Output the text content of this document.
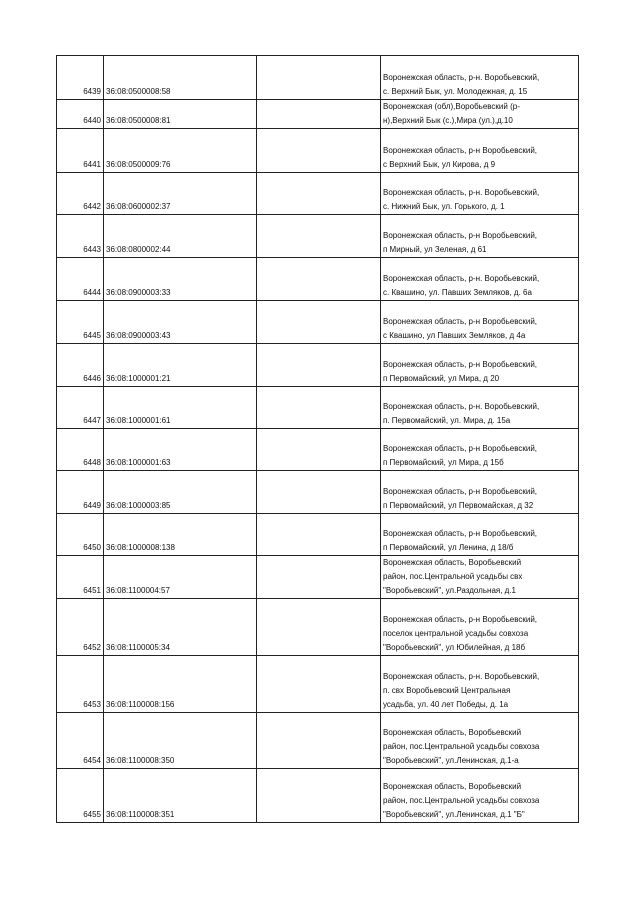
6439	36:08:0500008:58		Воронежская область, р-н. Воробьевский,
с. Верхний Бык, ул. Молодежная, д. 15

6440	36:08:0500008:81		Воронежская (обл),Воробьевский (р-
н),Верхний Бык (с.),Мира (ул.),д.10

6441	36:08:0500009:76		Воронежская область, р-н Воробьевский,
с Верхний Бык, ул Кирова, д 9

6442	36:08:0600002:37		Воронежская область, р-н. Воробьевский,
с. Нижний Бык, ул. Горького, д. 1

6443	36:08:0800002:44		Воронежская область, р-н Воробьевский,
п Мирный, ул Зеленая, д 61

6444	36:08:0900003:33		Воронежская область, р-н. Воробьевский,
с. Квашино, ул. Павших Земляков, д. 6а

6445	36:08:0900003:43		Воронежская область, р-н Воробьевский,
с Квашино, ул Павших Земляков, д 4а

6446	36:08:1000001:21		Воронежская область, р-н Воробьевский,
п Первомайский, ул Мира, д 20

6447	36:08:1000001:61		Воронежская область, р-н. Воробьевский,
п. Первомайский, ул. Мира, д. 15а

6448	36:08:1000001:63		Воронежская область, р-н Воробьевский,
п Первомайский, ул Мира, д 15б

6449	36:08:1000003:85		Воронежская область, р-н Воробьевский,
п Первомайский, ул Первомайская, д 32

6450	36:08:1000008:138		Воронежская область, р-н Воробьевский,
п Первомайский, ул Ленина, д 18/б

6451	36:08:1100004:57		Воронежская область, Воробьевский
район, пос.Центральной усадьбы свх
"Воробьевский", ул.Раздольная, д.1

6452	36:08:1100005:34		Воронежская область, р-н Воробьевский,
поселок центральной усадьбы совхоза
"Воробьевский", ул Юбилейная, д 18б

6453	36:08:1100008:156		Воронежская область, р-н. Воробьевский,
п. свх Воробьевский Центральная
усадьба, ул. 40 лет Победы, д. 1а

6454	36:08:1100008:350		Воронежская область, Воробьевский
район, пос.Центральной усадьбы совхоза
"Воробьевский", ул.Ленинская, д.1-а

6455	36:08:1100008:351		Воронежская область, Воробьевский
район, пос.Центральной усадьбы совхоза
"Воробьевский", ул.Ленинская, д.1 "Б"
